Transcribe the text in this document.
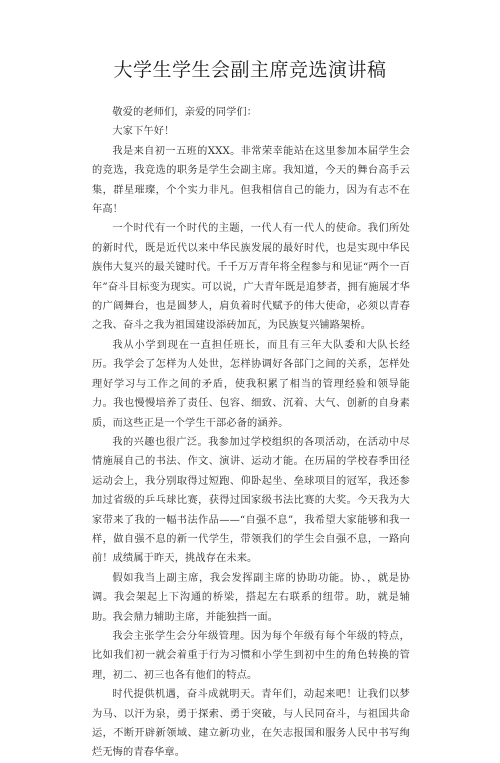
大学生学生会副主席竞选演讲稿

敬爱的老师们，亲爱的同学们：

大家下午好！

我是来自初一五班的XXX。非常荣幸能站在这里参加本届学生会的竞选，我竞选的职务是学生会副主席。我知道，今天的舞台高手云集，群星璀璨，个个实力非凡。但我相信自己的能力，因为有志不在年高！

一个时代有一个时代的主题，一代人有一代人的使命。我们所处的新时代，既是近代以来中华民族发展的最好时代，也是实现中华民族伟大复兴的最关键时代。千千万万青年将全程参与和见证“两个一百年”奋斗目标变为现实。可以说，广大青年既是追梦者，拥有施展才华的广阔舞台，也是圆梦人，肩负着时代赋予的伟大使命，必须以青春之我、奋斗之我为祖国建设添砖加瓦，为民族复兴铺路架桥。

我从小学到现在一直担任班长，而且有三年大队委和大队长经历。我学会了怎样为人处世，怎样协调好各部门之间的关系，怎样处理好学习与工作之间的矛盾，使我积累了相当的管理经验和领导能力。我也慢慢培养了责任、包容、细致、沉着、大气、创新的自身素质，而这些正是一个学生干部必备的涵养。

我的兴趣也很广泛。我参加过学校组织的各项活动，在活动中尽情施展自己的书法、作文、演讲、运动才能。在历届的学校春季田径运动会上，我分别取得过短跑、仰卧起坐、垒球项目的冠军，我还参加过省级的乒乓球比赛，获得过国家级书法比赛的大奖。今天我为大家带来了我的一幅书法作品——“自强不息”，我希望大家能够和我一样，做自强不息的新一代学生，带领我们的学生会自强不息，一路向前！成绩属于昨天，挑战存在未来。

假如我当上副主席，我会发挥副主席的协助功能。协、，就是协调。我会架起上下沟通的桥梁，搭起左右联系的纽带。助，就是辅助。我会鼎力辅助主席，并能独挡一面。

我会主张学生会分年级管理。因为每个年级有每个年级的特点，比如我们初一就会着重于行为习惯和小学生到初中生的角色转换的管理，初二、初三也各有他们的特点。

时代提供机遇，奋斗成就明天。青年们，动起来吧！让我们以梦为马、以汗为泉，勇于探索、勇于突破，与人民同奋斗，与祖国共命运，不断开辟新领域、建立新功业，在矢志报国和服务人民中书写绚烂无悔的青春华章。
